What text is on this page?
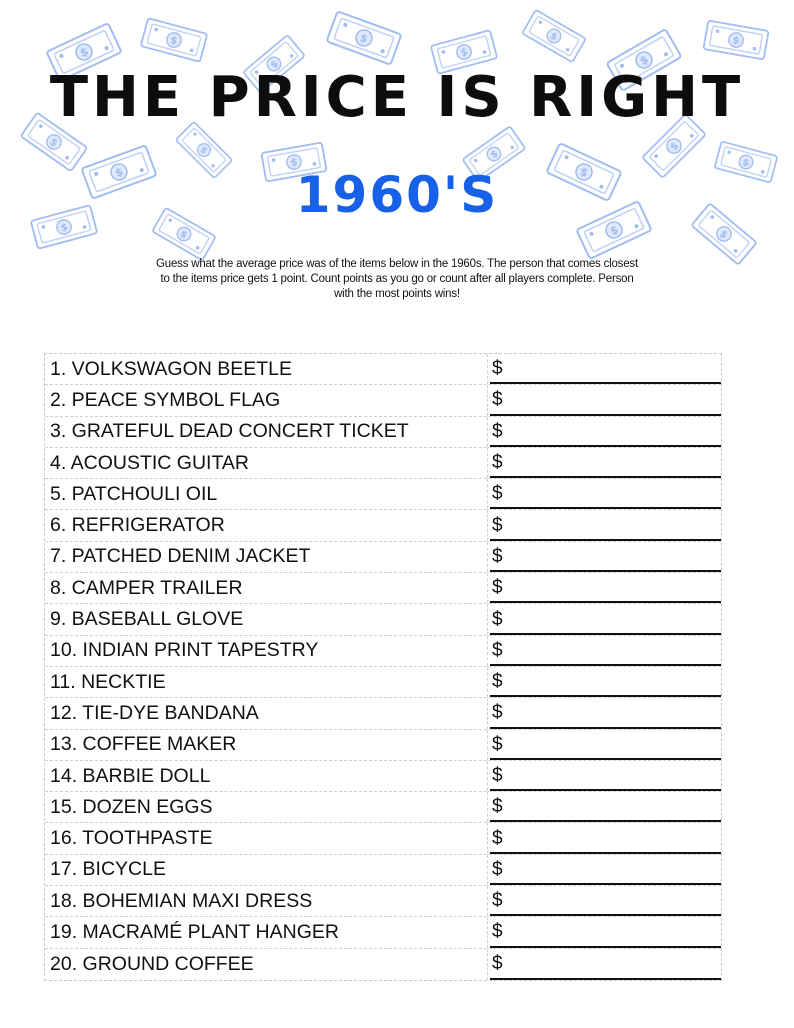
$
THE PRICE IS RIGHT
1960'S
Guess what the average price was of the items below in the 1960s. The person that comes closest to the items price gets 1 point. Count points as you go or count after all players complete. Person with the most points wins!
1. VOLKSWAGON BEETLE	$
2. PEACE SYMBOL FLAG	$
3. GRATEFUL DEAD CONCERT TICKET	$
4. ACOUSTIC GUITAR	$
5. PATCHOULI OIL	$
6. REFRIGERATOR	$
7. PATCHED DENIM JACKET	$
8. CAMPER TRAILER	$
9. BASEBALL GLOVE	$
10. INDIAN PRINT TAPESTRY	$
11. NECKTIE	$
12. TIE-DYE BANDANA	$
13. COFFEE MAKER	$
14. BARBIE DOLL	$
15. DOZEN EGGS	$
16. TOOTHPASTE	$
17. BICYCLE	$
18. BOHEMIAN MAXI DRESS	$
19. MACRAMÉ PLANT HANGER	$
20. GROUND COFFEE	$
